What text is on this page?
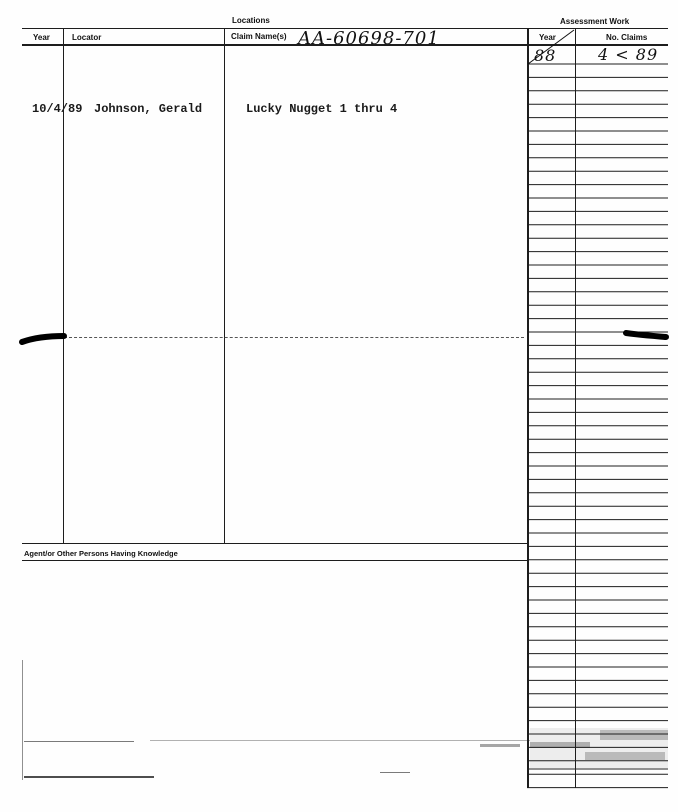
Locations	Assessment Work
Year	Locator	Claim Name(s)	Year	No. Claims
AA-60698-701
88	4 < 89
10/4/89 Johnson, Gerald	Lucky Nugget 1 thru 4
Agent/or Other Persons Having Knowledge
